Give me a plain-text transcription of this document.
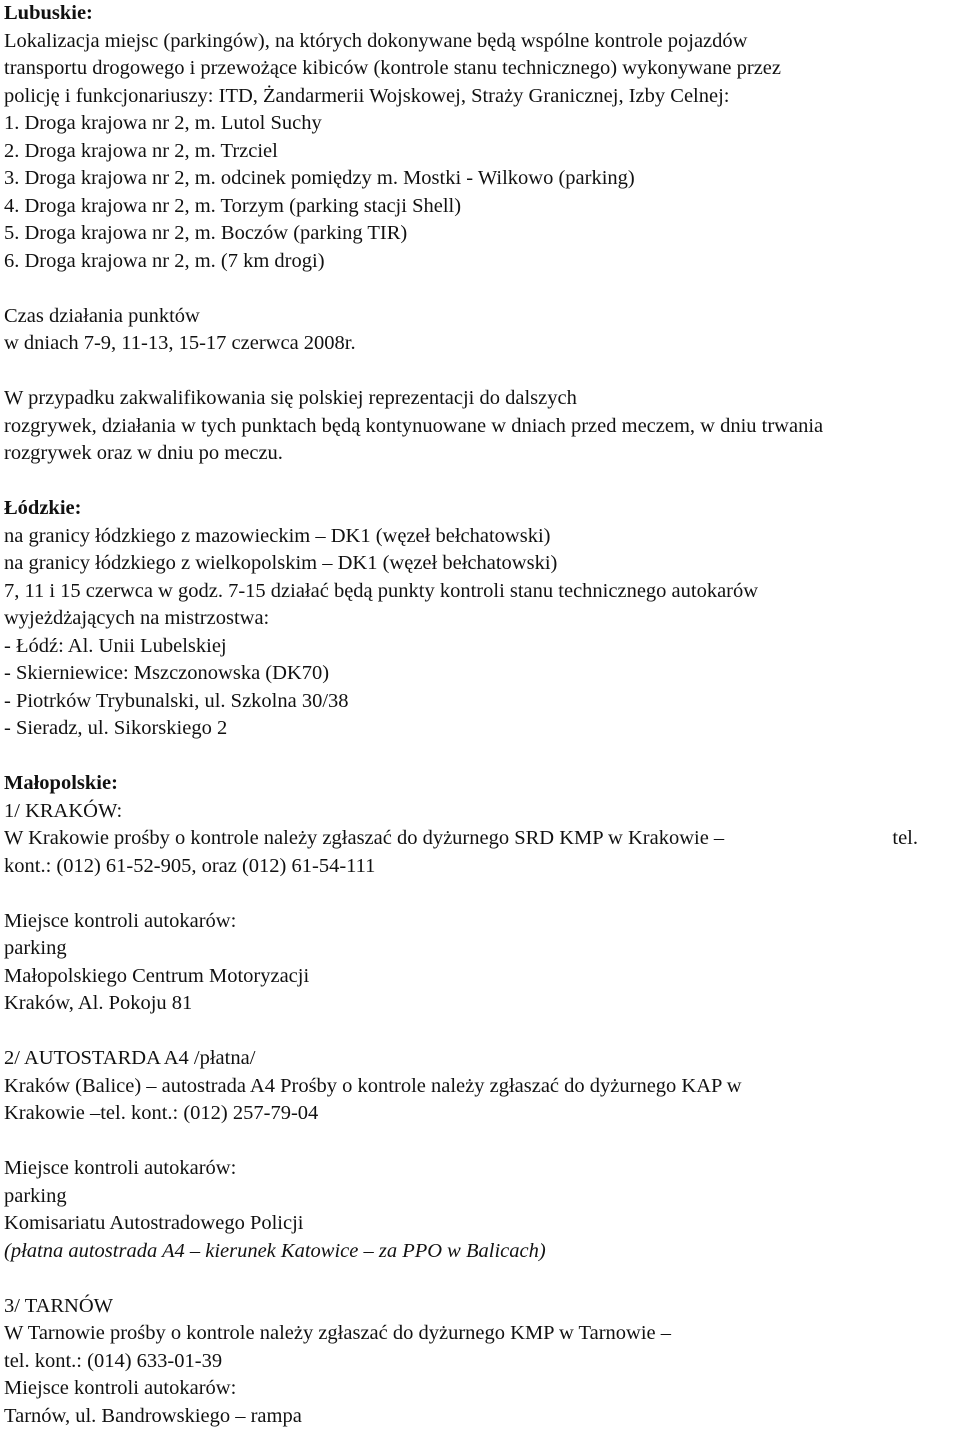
Lubuskie:
Lokalizacja miejsc (parkingów), na których dokonywane będą wspólne kontrole pojazdów
transportu drogowego i przewożące kibiców (kontrole stanu technicznego) wykonywane przez
policję i funkcjonariuszy: ITD, Żandarmerii Wojskowej, Straży Granicznej, Izby Celnej:
1. Droga krajowa nr 2, m. Lutol Suchy
2. Droga krajowa nr 2, m. Trzciel
3. Droga krajowa nr 2, m. odcinek pomiędzy m. Mostki - Wilkowo (parking)
4. Droga krajowa nr 2, m. Torzym (parking stacji Shell)
5. Droga krajowa nr 2, m. Boczów (parking TIR)
6. Droga krajowa nr 2, m. (7 km drogi)
Czas działania punktów
w dniach 7-9, 11-13, 15-17 czerwca 2008r.
W przypadku zakwalifikowania się polskiej reprezentacji do dalszych
rozgrywek, działania w tych punktach będą kontynuowane w dniach przed meczem, w dniu trwania
rozgrywek oraz w dniu po meczu.
Łódzkie:
na granicy łódzkiego z mazowieckim – DK1 (węzeł bełchatowski)
na granicy łódzkiego z wielkopolskim – DK1 (węzeł bełchatowski)
7, 11 i 15 czerwca w godz. 7-15 działać będą punkty kontroli stanu technicznego autokarów
wyjeżdżających na mistrzostwa:
- Łódź: Al. Unii Lubelskiej
- Skierniewice: Mszczonowska (DK70)
- Piotrków Trybunalski, ul. Szkolna 30/38
- Sieradz, ul. Sikorskiego 2
Małopolskie:
1/ KRAKÓW:
W Krakowie prośby o kontrole należy zgłaszać do dyżurnego SRD KMP w Krakowie –	tel.
kont.: (012) 61-52-905, oraz (012) 61-54-111
Miejsce kontroli autokarów:
parking
Małopolskiego Centrum Motoryzacji
Kraków, Al. Pokoju 81
2/ AUTOSTARDA A4 /płatna/
Kraków (Balice) – autostrada A4 Prośby o kontrole należy zgłaszać do dyżurnego KAP w
Krakowie –tel. kont.: (012) 257-79-04
Miejsce kontroli autokarów:
parking
Komisariatu Autostradowego Policji
(płatna autostrada A4 – kierunek Katowice – za PPO w Balicach)
3/ TARNÓW
W Tarnowie prośby o kontrole należy zgłaszać do dyżurnego KMP w Tarnowie –
tel. kont.: (014) 633-01-39
Miejsce kontroli autokarów:
Tarnów, ul. Bandrowskiego – rampa
